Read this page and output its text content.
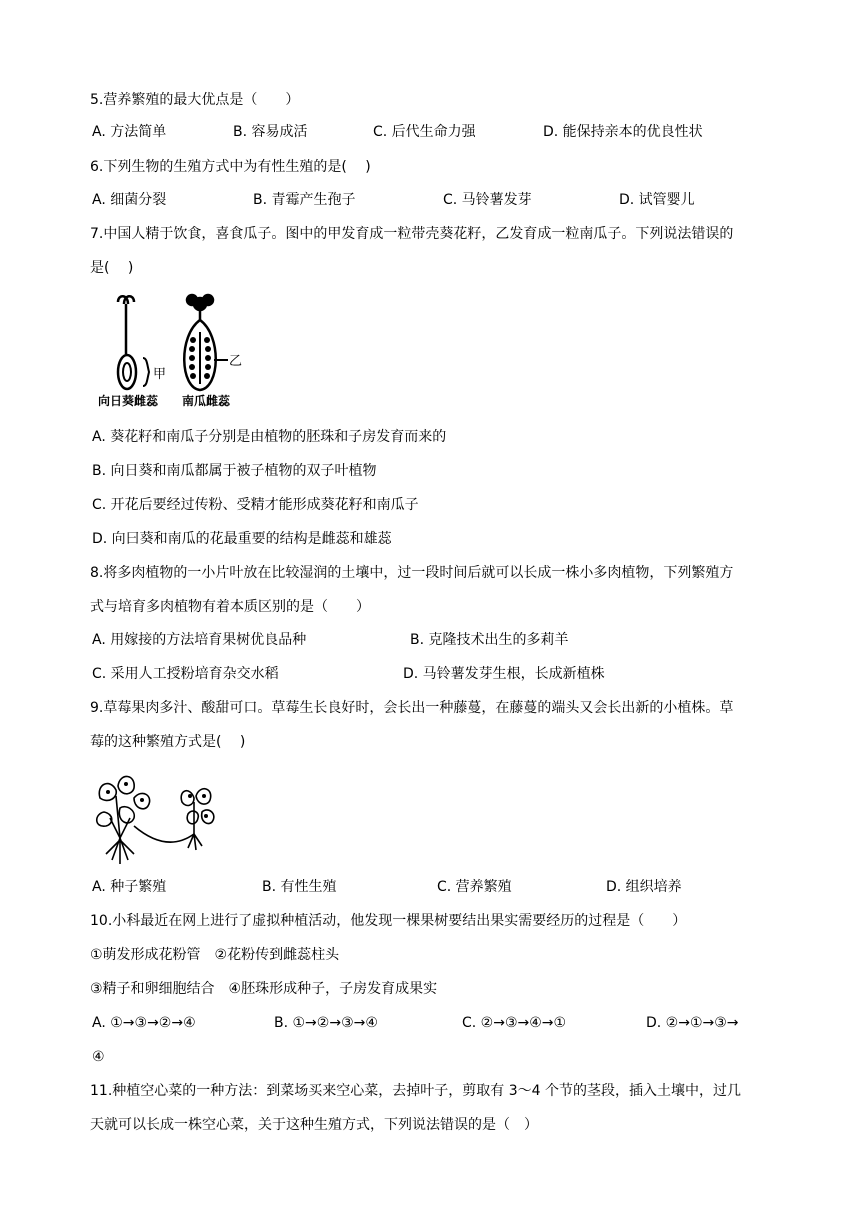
5.营养繁殖的最大优点是（　　）
A. 方法简单	B. 容易成活	C. 后代生命力强	D. 能保持亲本的优良性状
6.下列生物的生殖方式中为有性生殖的是(　 )
A. 细菌分裂	B. 青霉产生孢子	C. 马铃薯发芽	D. 试管婴儿
7.中国人精于饮食，喜食瓜子。图中的甲发育成一粒带壳葵花籽，乙发育成一粒南瓜子。下列说法错误的
是(　 )
甲
乙
向日葵雌蕊 南瓜雌蕊
A. 葵花籽和南瓜子分别是由植物的胚珠和子房发育而来的
B. 向日葵和南瓜都属于被子植物的双子叶植物
C. 开花后要经过传粉、受精才能形成葵花籽和南瓜子
D. 向曰葵和南瓜的花最重要的结构是雌蕊和雄蕊
8.将多肉植物的一小片叶放在比较湿润的土壤中，过一段时间后就可以长成一株小多肉植物，下列繁殖方
式与培育多肉植物有着本质区别的是（　　）
A. 用嫁接的方法培育果树优良品种	B. 克隆技术出生的多莉羊
C. 采用人工授粉培育杂交水稻	D. 马铃薯发芽生根，长成新植株
9.草莓果肉多汁、酸甜可口。草莓生长良好时，会长出一种藤蔓，在藤蔓的端头又会长出新的小植株。草
莓的这种繁殖方式是(　 )
A. 种子繁殖	B. 有性生殖	C. 营养繁殖	D. 组织培养
10.小科最近在网上进行了虚拟种植活动，他发现一棵果树要结出果实需要经历的过程是（　　）
①萌发形成花粉管　②花粉传到雌蕊柱头
③精子和卵细胞结合　④胚珠形成种子，子房发育成果实
A. ①→③→②→④	B. ①→②→③→④	C. ②→③→④→①	D. ②→①→③→
④
11.种植空心菜的一种方法：到菜场买来空心菜，去掉叶子，剪取有 3～4 个节的茎段，插入土壤中，过几
天就可以长成一株空心菜，关于这种生殖方式，下列说法错误的是（　）
